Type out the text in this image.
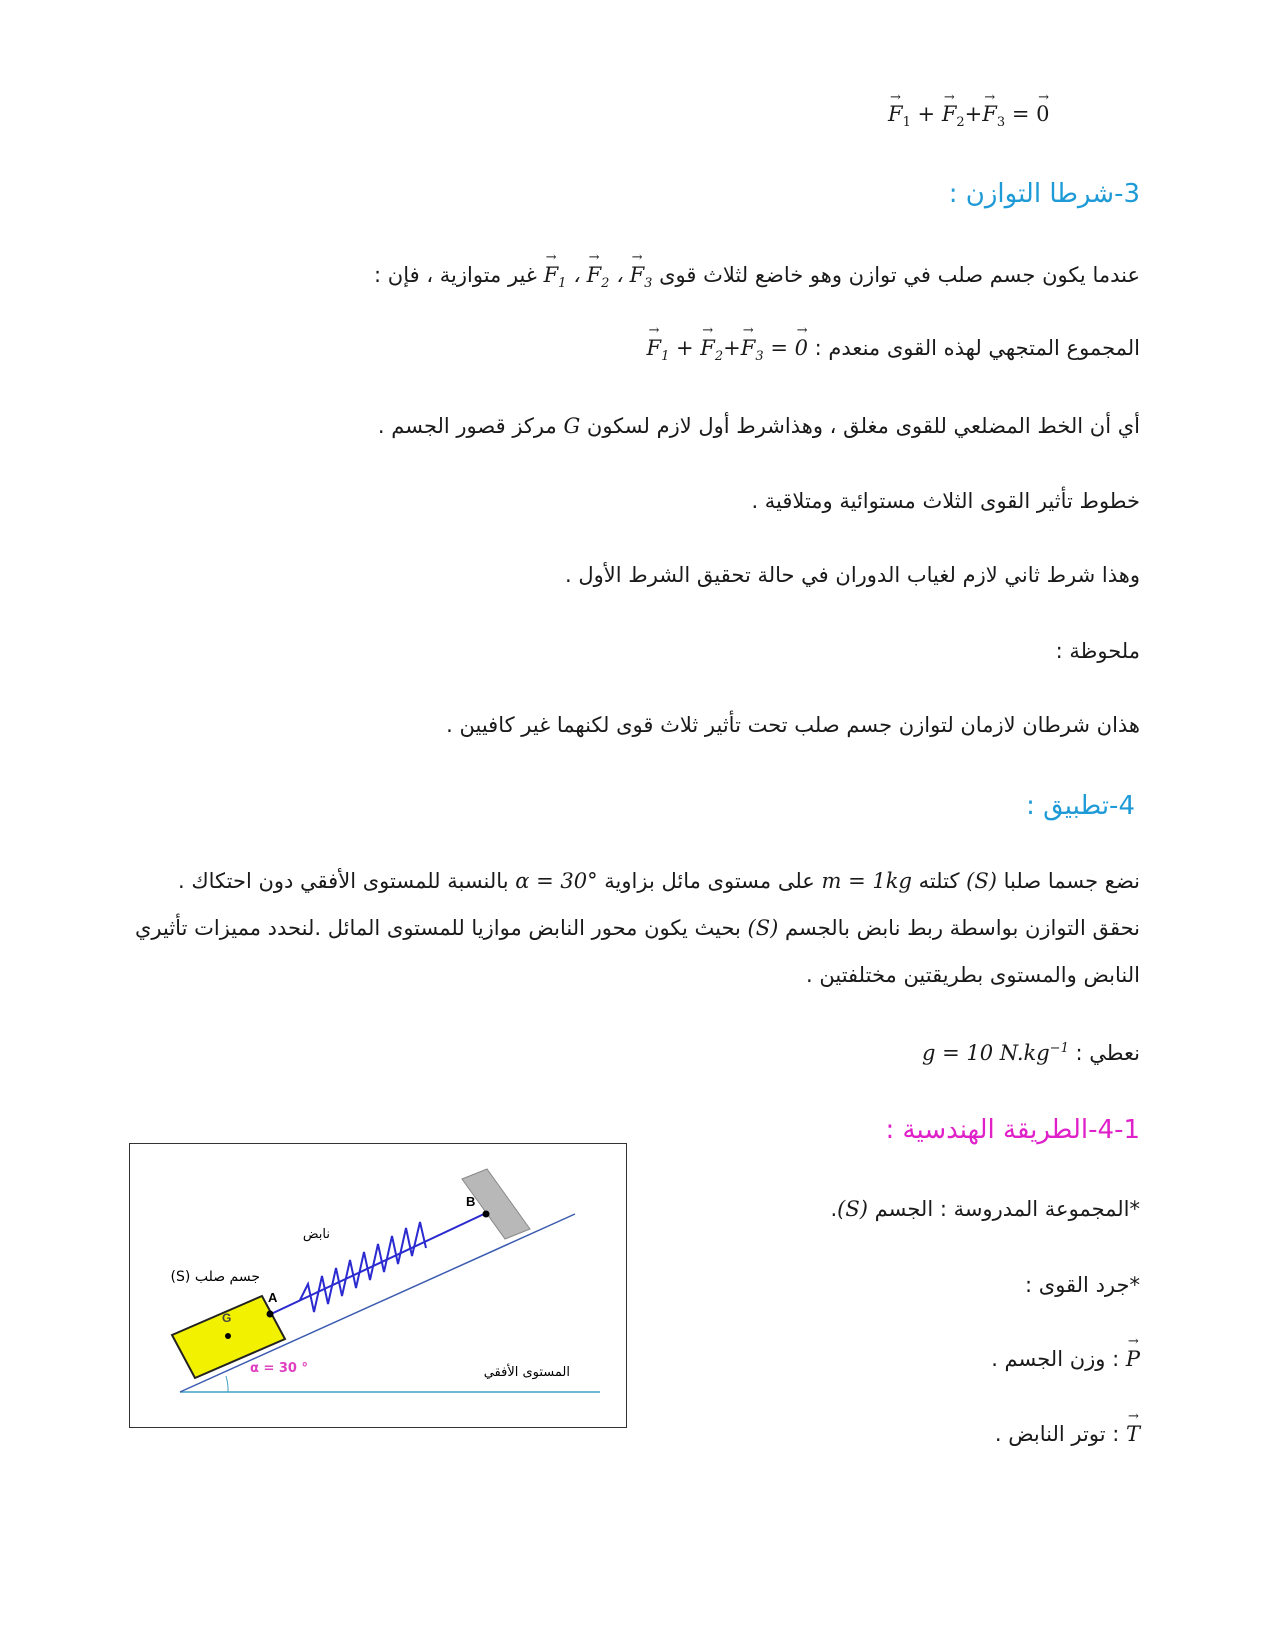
→ $F_1$ + → $F_2+\to F_3$ = → 0
3-شرطا التوازن :
عندما يكون جسم صلب في توازن وهو خاضع لثلاث قوى → $F_1$ ، → $F_2$ ، → $F_3$ غير متوازية ، فإن :
المجموع المتجهي لهذه القوى منعدم : → $F_1$ + → $F_2+\to F_3$ = → 0
أي أن الخط المضلعي للقوى مغلق ، وهذاشرط أول لازم لسكون G مركز قصور الجسم .
خطوط تأثير القوى الثلاث مستوائية ومتلاقية .
وهذا شرط ثاني لازم لغياب الدوران في حالة تحقيق الشرط الأول .
ملحوظة :
هذان شرطان لازمان لتوازن جسم صلب تحت تأثير ثلاث قوى لكنهما غير كافيين .
4-تطبيق :
نضع جسما صلبا (S) كتلته m = 1kg على مستوى مائل بزاوية α = 30° بالنسبة للمستوى الأفقي دون احتكاك .
نحقق التوازن بواسطة ربط نابض بالجسم (S) بحيث يكون محور النابض موازيا للمستوى المائل .لنحدد مميزات تأثيري
النابض والمستوى بطريقتين مختلفتين .
نعطي : g = 10 $N.kg^{-1}$
4-1-الطريقة الهندسية :
*المجموعة المدروسة : الجسم (S).
*جرد القوى :
→ P : وزن الجسم .
→ T : توتر النابض .
B
A
G
نابض
جسم صلب (S)
α = 30 °	المستوى الأفقي
